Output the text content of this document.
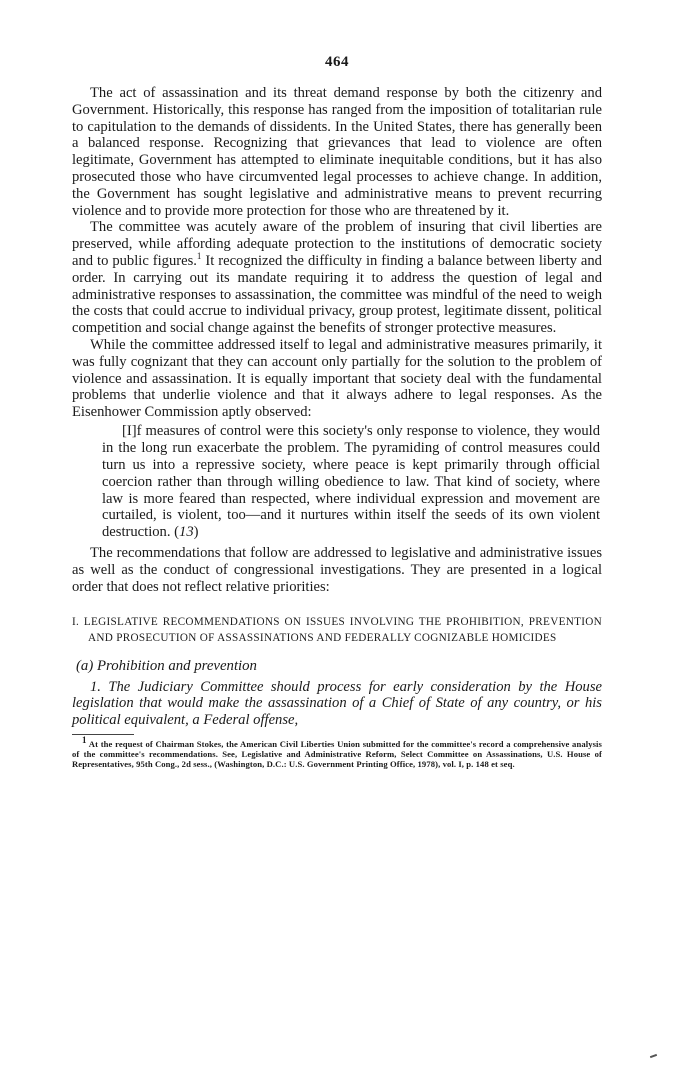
464

The act of assassination and its threat demand response by both the citizenry and Government. Historically, this response has ranged from the imposition of totalitarian rule to capitulation to the demands of dissidents. In the United States, there has generally been a balanced response. Recognizing that grievances that lead to violence are often legitimate, Government has attempted to eliminate inequitable conditions, but it has also prosecuted those who have circumvented legal processes to achieve change. In addition, the Government has sought legislative and administrative means to prevent recurring violence and to provide more protection for those who are threatened by it.

The committee was acutely aware of the problem of insuring that civil liberties are preserved, while affording adequate protection to the institutions of democratic society and to public figures.$^1$ It recognized the difficulty in finding a balance between liberty and order. In carrying out its mandate requiring it to address the question of legal and administrative responses to assassination, the committee was mindful of the need to weigh the costs that could accrue to individual privacy, group protest, legitimate dissent, political competition and social change against the benefits of stronger protective measures.

While the committee addressed itself to legal and administrative measures primarily, it was fully cognizant that they can account only partially for the solution to the problem of violence and assassination. It is equally important that society deal with the fundamental problems that underlie violence and that it always adhere to legal responses. As the Eisenhower Commission aptly observed:

[I]f measures of control were this society's only response to violence, they would in the long run exacerbate the problem. The pyramiding of control measures could turn us into a repressive society, where peace is kept primarily through official coercion rather than through willing obedience to law. That kind of society, where law is more feared than respected, where individual expression and movement are curtailed, is violent, too—and it nurtures within itself the seeds of its own violent destruction. (13)

The recommendations that follow are addressed to legislative and administrative issues as well as the conduct of congressional investigations. They are presented in a logical order that does not reflect relative priorities:

I. LEGISLATIVE RECOMMENDATIONS ON ISSUES INVOLVING THE PROHIBITION, PREVENTION AND PROSECUTION OF ASSASSINATIONS AND FEDERALLY COGNIZABLE HOMICIDES
(a) Prohibition and prevention

1. The Judiciary Committee should process for early consideration by the House legislation that would make the assassination of a Chief of State of any country, or his political equivalent, a Federal offense,

$^1$ At the request of Chairman Stokes, the American Civil Liberties Union submitted for the committee's record a comprehensive analysis of the committee's recommendations. See, Legislative and Administrative Reform, Select Committee on Assassinations, U.S. House of Representatives, 95th Cong., 2d sess., (Washington, D.C.: U.S. Government Printing Office, 1978), vol. I, p. 148 et seq.
